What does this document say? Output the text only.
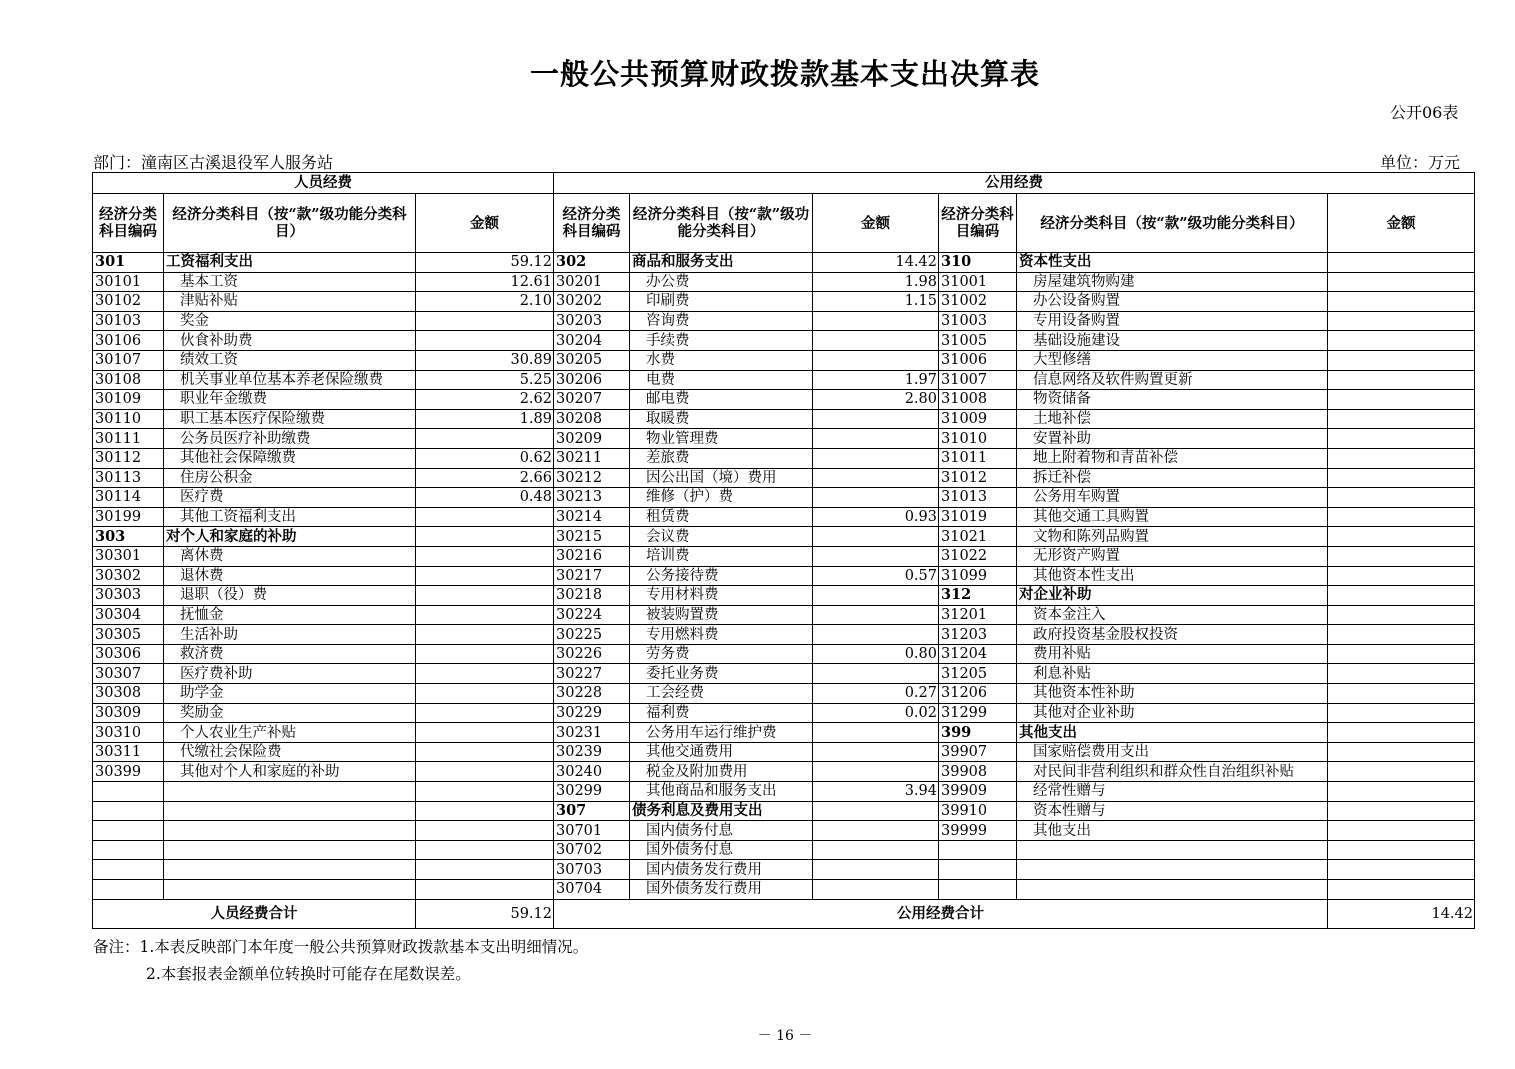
一般公共预算财政拨款基本支出决算表
公开06表
部门：潼南区古溪退役军人服务站	单位：万元
人员经费			公用经费					
经济分类科目编码	经济分类科目（按“款”级功能分类科目）	金额	经济分类科目编码	经济分类科目（按“款”级功能分类科目）	金额	经济分类科目编码	经济分类科目（按“款”级功能分类科目）	金额
301	工资福利支出	59.12	302	商品和服务支出	14.42	310	资本性支出	
30101	基本工资	12.61	30201	办公费	1.98	31001	房屋建筑物购建	
30102	津贴补贴	2.10	30202	印刷费	1.15	31002	办公设备购置	
30103	奖金		30203	咨询费		31003	专用设备购置	
30106	伙食补助费		30204	手续费		31005	基础设施建设	
30107	绩效工资	30.89	30205	水费		31006	大型修缮	
30108	机关事业单位基本养老保险缴费	5.25	30206	电费	1.97	31007	信息网络及软件购置更新	
30109	职业年金缴费	2.62	30207	邮电费	2.80	31008	物资储备	
30110	职工基本医疗保险缴费	1.89	30208	取暖费		31009	土地补偿	
30111	公务员医疗补助缴费		30209	物业管理费		31010	安置补助	
30112	其他社会保障缴费	0.62	30211	差旅费		31011	地上附着物和青苗补偿	
30113	住房公积金	2.66	30212	因公出国（境）费用		31012	拆迁补偿	
30114	医疗费	0.48	30213	维修（护）费		31013	公务用车购置	
30199	其他工资福利支出		30214	租赁费	0.93	31019	其他交通工具购置	
303	对个人和家庭的补助		30215	会议费		31021	文物和陈列品购置	
30301	离休费		30216	培训费		31022	无形资产购置	
30302	退休费		30217	公务接待费	0.57	31099	其他资本性支出	
30303	退职（役）费		30218	专用材料费		312	对企业补助	
30304	抚恤金		30224	被装购置费		31201	资本金注入	
30305	生活补助		30225	专用燃料费		31203	政府投资基金股权投资	
30306	救济费		30226	劳务费	0.80	31204	费用补贴	
30307	医疗费补助		30227	委托业务费		31205	利息补贴	
30308	助学金		30228	工会经费	0.27	31206	其他资本性补助	
30309	奖励金		30229	福利费	0.02	31299	其他对企业补助	
30310	个人农业生产补贴		30231	公务用车运行维护费		399	其他支出	
30311	代缴社会保险费		30239	其他交通费用		39907	国家赔偿费用支出	
30399	其他对个人和家庭的补助		30240	税金及附加费用		39908	对民间非营利组织和群众性自治组织补贴	
			30299	其他商品和服务支出	3.94	39909	经常性赠与	
			307	债务利息及费用支出		39910	资本性赠与	
			30701	国内债务付息		39999	其他支出	
			30702	国外债务付息				
			30703	国内债务发行费用				
			30704	国外债务发行费用				
人员经费合计		59.12	公用经费合计					14.42
备注：1.本表反映部门本年度一般公共预算财政拨款基本支出明细情况。
2.本套报表金额单位转换时可能存在尾数误差。
－ 16 －
